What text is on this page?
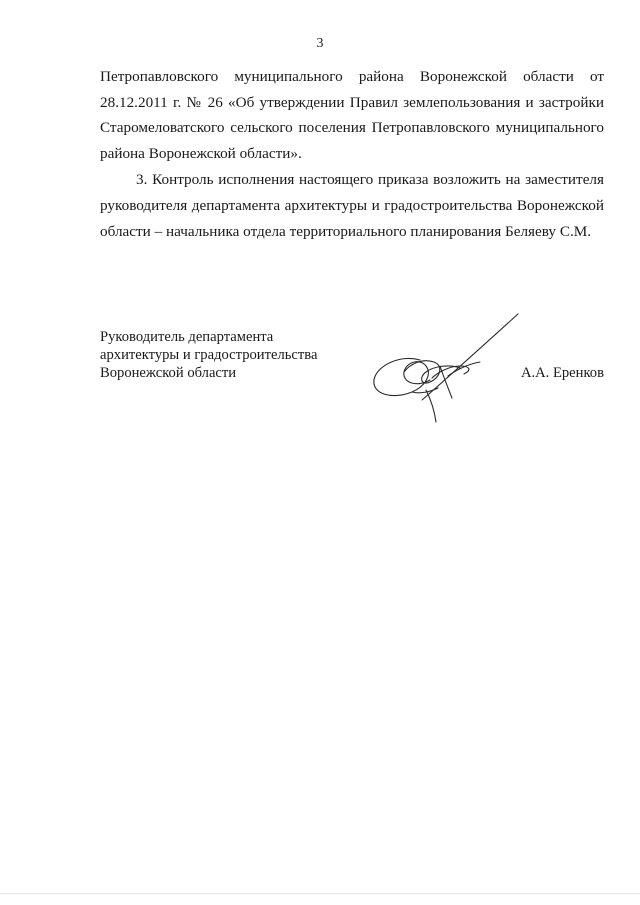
3

Петропавловского муниципального района Воронежской области от 28.12.2011 г. № 26 «Об утверждении Правил землепользования и застройки Старомеловатского сельского поселения Петропавловского муниципального района Воронежской области».

3. Контроль исполнения настоящего приказа возложить на заместителя руководителя департамента архитектуры и градостроительства Воронежской области – начальника отдела территориального планирования Беляеву С.М.

Руководитель департамента
архитектуры и градостроительства
Воронежской области	А.А. Еренков
